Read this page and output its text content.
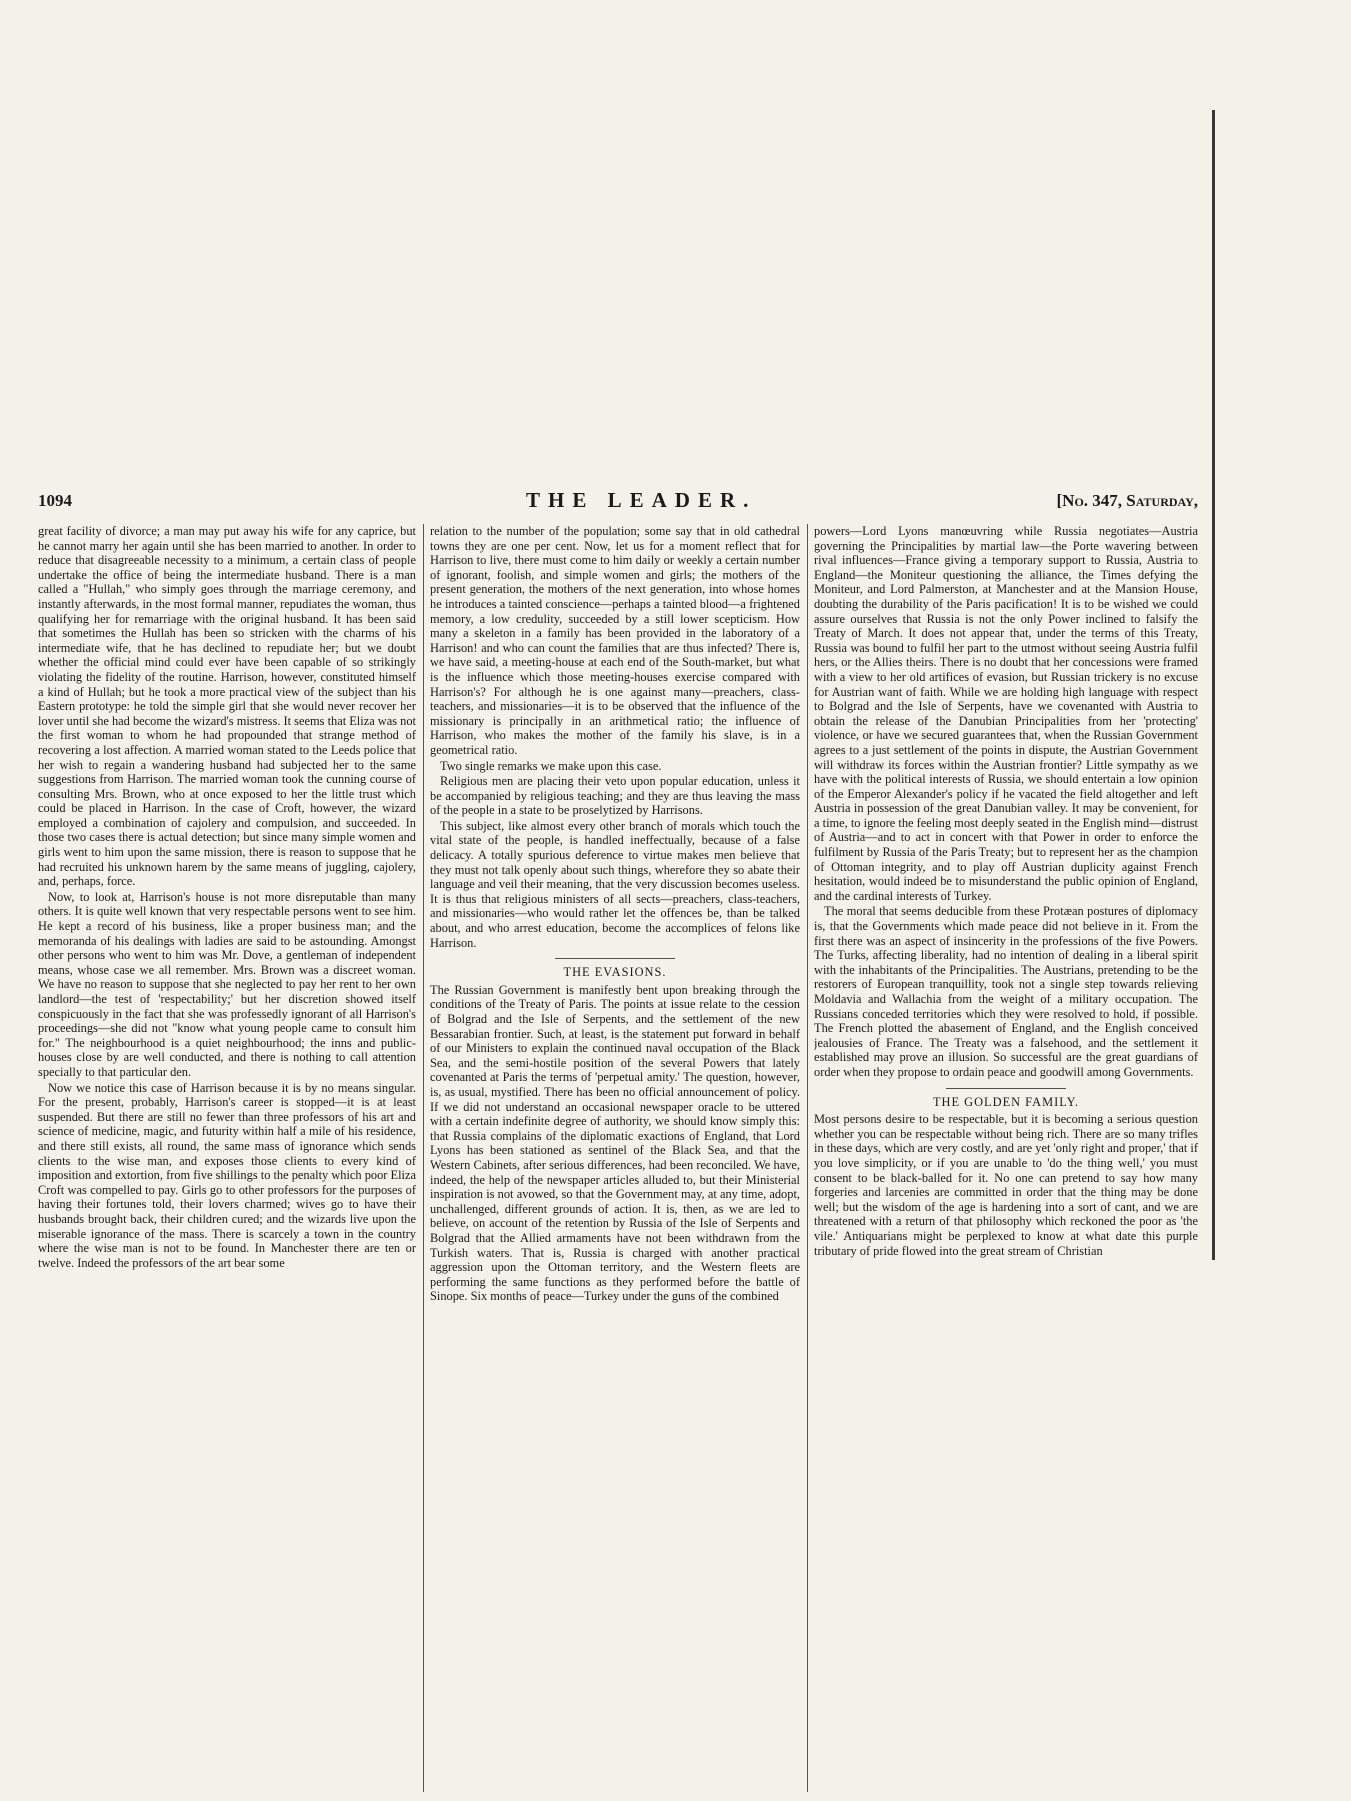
1094	THE LEADER.	[No. 347, Saturday,

great facility of divorce; a man may put away his wife for any caprice, but he cannot marry her again until she has been married to another. In order to reduce that disagreeable necessity to a minimum, a certain class of people undertake the office of being the intermediate husband. There is a man called a "Hullah," who simply goes through the marriage ceremony, and instantly afterwards, in the most formal manner, repudiates the woman, thus qualifying her for remarriage with the original husband. It has been said that sometimes the Hullah has been so stricken with the charms of his intermediate wife, that he has declined to repudiate her; but we doubt whether the official mind could ever have been capable of so strikingly violating the fidelity of the routine. Harrison, however, constituted himself a kind of Hullah; but he took a more practical view of the subject than his Eastern prototype: he told the simple girl that she would never recover her lover until she had become the wizard's mistress. It seems that Eliza was not the first woman to whom he had propounded that strange method of recovering a lost affection. A married woman stated to the Leeds police that her wish to regain a wandering husband had subjected her to the same suggestions from Harrison. The married woman took the cunning course of consulting Mrs. Brown, who at once exposed to her the little trust which could be placed in Harrison. In the case of Croft, however, the wizard employed a combination of cajolery and compulsion, and succeeded. In those two cases there is actual detection; but since many simple women and girls went to him upon the same mission, there is reason to suppose that he had recruited his unknown harem by the same means of juggling, cajolery, and, perhaps, force.

Now, to look at, Harrison's house is not more disreputable than many others. It is quite well known that very respectable persons went to see him. He kept a record of his business, like a proper business man; and the memoranda of his dealings with ladies are said to be astounding. Amongst other persons who went to him was Mr. Dove, a gentleman of independent means, whose case we all remember. Mrs. Brown was a discreet woman. We have no reason to suppose that she neglected to pay her rent to her own landlord—the test of 'respectability;' but her discretion showed itself conspicuously in the fact that she was professedly ignorant of all Harrison's proceedings—she did not "know what young people came to consult him for." The neighbourhood is a quiet neighbourhood; the inns and public-houses close by are well conducted, and there is nothing to call attention specially to that particular den.

Now we notice this case of Harrison because it is by no means singular. For the present, probably, Harrison's career is stopped—it is at least suspended. But there are still no fewer than three professors of his art and science of medicine, magic, and futurity within half a mile of his residence, and there still exists, all round, the same mass of ignorance which sends clients to the wise man, and exposes those clients to every kind of imposition and extortion, from five shillings to the penalty which poor Eliza Croft was compelled to pay. Girls go to other professors for the purposes of having their fortunes told, their lovers charmed; wives go to have their husbands brought back, their children cured; and the wizards live upon the miserable ignorance of the mass. There is scarcely a town in the country where the wise man is not to be found. In Manchester there are ten or twelve. Indeed the professors of the art bear some

relation to the number of the population; some say that in old cathedral towns they are one per cent. Now, let us for a moment reflect that for Harrison to live, there must come to him daily or weekly a certain number of ignorant, foolish, and simple women and girls; the mothers of the present generation, the mothers of the next generation, into whose homes he introduces a tainted conscience—perhaps a tainted blood—a frightened memory, a low credulity, succeeded by a still lower scepticism. How many a skeleton in a family has been provided in the laboratory of a Harrison! and who can count the families that are thus infected? There is, we have said, a meeting-house at each end of the South-market, but what is the influence which those meeting-houses exercise compared with Harrison's? For although he is one against many—preachers, class-teachers, and missionaries—it is to be observed that the influence of the missionary is principally in an arithmetical ratio; the influence of Harrison, who makes the mother of the family his slave, is in a geometrical ratio.

Two single remarks we make upon this case.

Religious men are placing their veto upon popular education, unless it be accompanied by religious teaching; and they are thus leaving the mass of the people in a state to be proselytized by Harrisons.

This subject, like almost every other branch of morals which touch the vital state of the people, is handled ineffectually, because of a false delicacy. A totally spurious deference to virtue makes men believe that they must not talk openly about such things, wherefore they so abate their language and veil their meaning, that the very discussion becomes useless. It is thus that religious ministers of all sects—preachers, class-teachers, and missionaries—who would rather let the offences be, than be talked about, and who arrest education, become the accomplices of felons like Harrison.

THE EVASIONS.

The Russian Government is manifestly bent upon breaking through the conditions of the Treaty of Paris. The points at issue relate to the cession of Bolgrad and the Isle of Serpents, and the settlement of the new Bessarabian frontier. Such, at least, is the statement put forward in behalf of our Ministers to explain the continued naval occupation of the Black Sea, and the semi-hostile position of the several Powers that lately covenanted at Paris the terms of 'perpetual amity.' The question, however, is, as usual, mystified. There has been no official announcement of policy. If we did not understand an occasional newspaper oracle to be uttered with a certain indefinite degree of authority, we should know simply this: that Russia complains of the diplomatic exactions of England, that Lord Lyons has been stationed as sentinel of the Black Sea, and that the Western Cabinets, after serious differences, had been reconciled. We have, indeed, the help of the newspaper articles alluded to, but their Ministerial inspiration is not avowed, so that the Government may, at any time, adopt, unchallenged, different grounds of action. It is, then, as we are led to believe, on account of the retention by Russia of the Isle of Serpents and Bolgrad that the Allied armaments have not been withdrawn from the Turkish waters. That is, Russia is charged with another practical aggression upon the Ottoman territory, and the Western fleets are performing the same functions as they performed before the battle of Sinope. Six months of peace—Turkey under the guns of the combined

powers—Lord Lyons manœuvring while Russia negotiates—Austria governing the Principalities by martial law—the Porte wavering between rival influences—France giving a temporary support to Russia, Austria to England—the Moniteur questioning the alliance, the Times defying the Moniteur, and Lord Palmerston, at Manchester and at the Mansion House, doubting the durability of the Paris pacification! It is to be wished we could assure ourselves that Russia is not the only Power inclined to falsify the Treaty of March. It does not appear that, under the terms of this Treaty, Russia was bound to fulfil her part to the utmost without seeing Austria fulfil hers, or the Allies theirs. There is no doubt that her concessions were framed with a view to her old artifices of evasion, but Russian trickery is no excuse for Austrian want of faith. While we are holding high language with respect to Bolgrad and the Isle of Serpents, have we covenanted with Austria to obtain the release of the Danubian Principalities from her 'protecting' violence, or have we secured guarantees that, when the Russian Government agrees to a just settlement of the points in dispute, the Austrian Government will withdraw its forces within the Austrian frontier? Little sympathy as we have with the political interests of Russia, we should entertain a low opinion of the Emperor Alexander's policy if he vacated the field altogether and left Austria in possession of the great Danubian valley. It may be convenient, for a time, to ignore the feeling most deeply seated in the English mind—distrust of Austria—and to act in concert with that Power in order to enforce the fulfilment by Russia of the Paris Treaty; but to represent her as the champion of Ottoman integrity, and to play off Austrian duplicity against French hesitation, would indeed be to misunderstand the public opinion of England, and the cardinal interests of Turkey.

The moral that seems deducible from these Protæan postures of diplomacy is, that the Governments which made peace did not believe in it. From the first there was an aspect of insincerity in the professions of the five Powers. The Turks, affecting liberality, had no intention of dealing in a liberal spirit with the inhabitants of the Principalities. The Austrians, pretending to be the restorers of European tranquillity, took not a single step towards relieving Moldavia and Wallachia from the weight of a military occupation. The Russians conceded territories which they were resolved to hold, if possible. The French plotted the abasement of England, and the English conceived jealousies of France. The Treaty was a falsehood, and the settlement it established may prove an illusion. So successful are the great guardians of order when they propose to ordain peace and goodwill among Governments.

THE GOLDEN FAMILY.

Most persons desire to be respectable, but it is becoming a serious question whether you can be respectable without being rich. There are so many trifles in these days, which are very costly, and are yet 'only right and proper,' that if you love simplicity, or if you are unable to 'do the thing well,' you must consent to be black-balled for it. No one can pretend to say how many forgeries and larcenies are committed in order that the thing may be done well; but the wisdom of the age is hardening into a sort of cant, and we are threatened with a return of that philosophy which reckoned the poor as 'the vile.' Antiquarians might be perplexed to know at what date this purple tributary of pride flowed into the great stream of Christian
